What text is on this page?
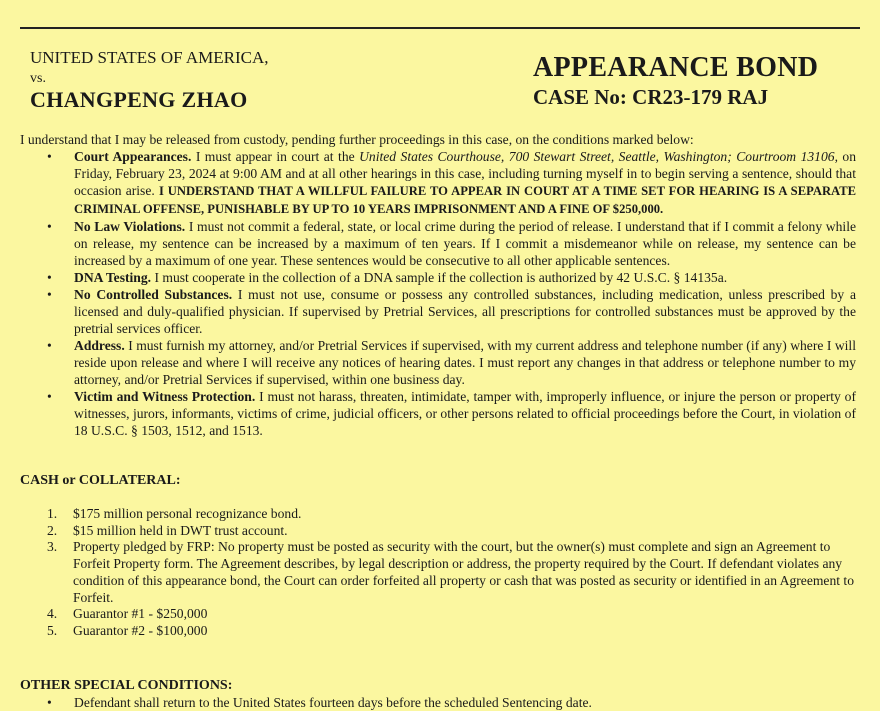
UNITED STATES OF AMERICA,
vs.
CHANGPENG ZHAO
APPEARANCE BOND
CASE No: CR23-179 RAJ

I understand that I may be released from custody, pending further proceedings in this case, on the conditions marked below:

• Court Appearances. I must appear in court at the United States Courthouse, 700 Stewart Street, Seattle, Washington; Courtroom 13106, on Friday, February 23, 2024 at 9:00 AM and at all other hearings in this case, including turning myself in to begin serving a sentence, should that occasion arise. I UNDERSTAND THAT A WILLFUL FAILURE TO APPEAR IN COURT AT A TIME SET FOR HEARING IS A SEPARATE CRIMINAL OFFENSE, PUNISHABLE BY UP TO 10 YEARS IMPRISONMENT AND A FINE OF $250,000.
• No Law Violations. I must not commit a federal, state, or local crime during the period of release. I understand that if I commit a felony while on release, my sentence can be increased by a maximum of ten years. If I commit a misdemeanor while on release, my sentence can be increased by a maximum of one year. These sentences would be consecutive to all other applicable sentences.
• DNA Testing. I must cooperate in the collection of a DNA sample if the collection is authorized by 42 U.S.C. § 14135a.
• No Controlled Substances. I must not use, consume or possess any controlled substances, including medication, unless prescribed by a licensed and duly-qualified physician. If supervised by Pretrial Services, all prescriptions for controlled substances must be approved by the pretrial services officer.
• Address. I must furnish my attorney, and/or Pretrial Services if supervised, with my current address and telephone number (if any) where I will reside upon release and where I will receive any notices of hearing dates. I must report any changes in that address or telephone number to my attorney, and/or Pretrial Services if supervised, within one business day.
• Victim and Witness Protection. I must not harass, threaten, intimidate, tamper with, improperly influence, or injure the person or property of witnesses, jurors, informants, victims of crime, judicial officers, or other persons related to official proceedings before the Court, in violation of 18 U.S.C. § 1503, 1512, and 1513.

CASH or COLLATERAL:

1. $175 million personal recognizance bond.
2. $15 million held in DWT trust account.
3. Property pledged by FRP: No property must be posted as security with the court, but the owner(s) must complete and sign an Agreement to Forfeit Property form. The Agreement describes, by legal description or address, the property required by the Court. If defendant violates any condition of this appearance bond, the Court can order forfeited all property or cash that was posted as security or identified in an Agreement to Forfeit.
4. Guarantor #1 - $250,000
5. Guarantor #2 - $100,000

OTHER SPECIAL CONDITIONS:

• Defendant shall return to the United States fourteen days before the scheduled Sentencing date.
